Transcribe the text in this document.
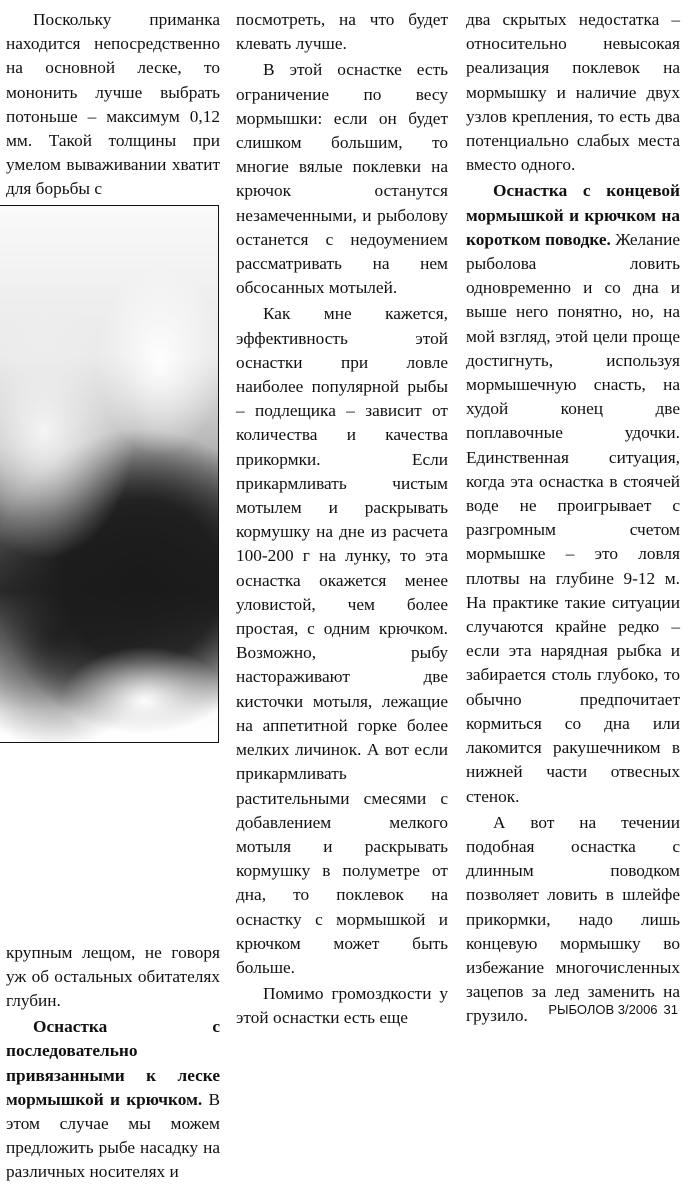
Поскольку приманка находится непосредственно на основной леске, то мононить лучше выбрать потоньше – максимум 0,12 мм. Такой толщины при умелом вываживании хватит для борьбы с

крупным лещом, не говоря уж об остальных обитателях глубин.

Оснастка с последовательно привязанными к леске мормышкой и крючком. В этом случае мы можем предложить рыбе насадку на различных носителях и

посмотреть, на что будет клевать лучше.

В этой оснастке есть ограничение по весу мормышки: если он будет слишком большим, то многие вялые поклевки на крючок останутся незамеченными, и рыболову останется с недоумением рассматривать на нем обсосанных мотылей.

Как мне кажется, эффективность этой оснастки при ловле наиболее популярной рыбы – подлещика – зависит от количества и качества прикормки. Если прикармливать чистым мотылем и раскрывать кормушку на дне из расчета 100-200 г на лунку, то эта оснастка окажется менее уловистой, чем более простая, с одним крючком. Возможно, рыбу настораживают две кисточки мотыля, лежащие на аппетитной горке более мелких личинок. А вот если прикармливать растительными смесями с добавлением мелкого мотыля и раскрывать кормушку в полуметре от дна, то поклевок на оснастку с мормышкой и крючком может быть больше.

Помимо громоздкости у этой оснастки есть еще

два скрытых недостатка – относительно невысокая реализация поклевок на мормышку и наличие двух узлов крепления, то есть два потенциально слабых места вместо одного.

Оснастка с концевой мормышкой и крючком на коротком поводке. Желание рыболова ловить одновременно и со дна и выше него понятно, но, на мой взгляд, этой цели проще достигнуть, используя мормышечную снасть, на худой конец две поплавочные удочки. Единственная ситуация, когда эта оснастка в стоячей воде не проигрывает с разгромным счетом мормышке – это ловля плотвы на глубине 9-12 м. На практике такие ситуации случаются крайне редко – если эта нарядная рыбка и забирается столь глубоко, то обычно предпочитает кормиться со дна или лакомится ракушечником в нижней части отвесных стенок.

А вот на течении подобная оснастка с длинным поводком позволяет ловить в шлейфе прикормки, надо лишь концевую мормышку во избежание многочисленных зацепов за лед заменить на грузило.	РЫБОЛОВ 3/2006 31
